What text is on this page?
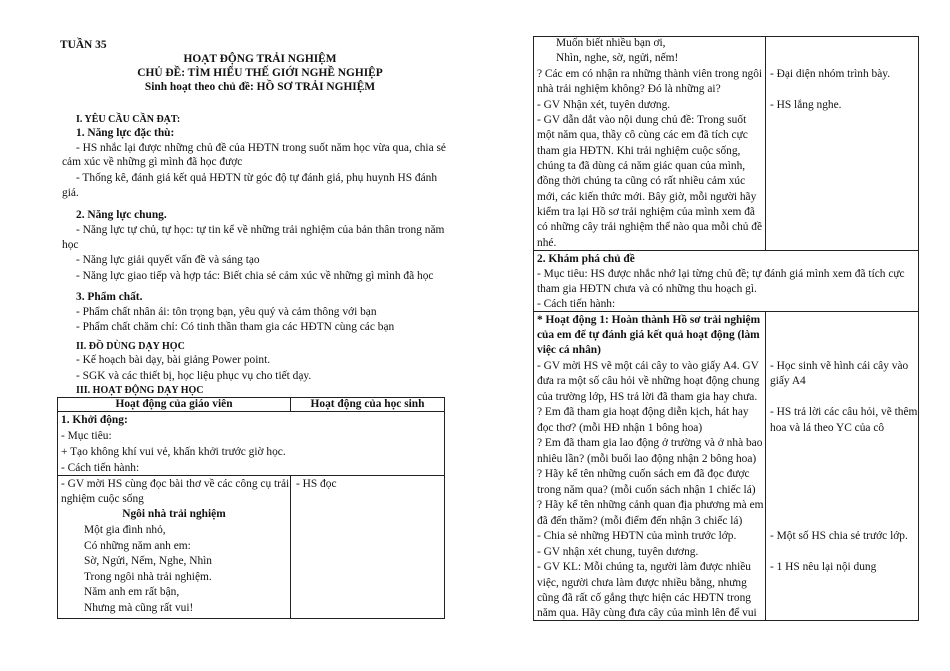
TUẦN 35
HOẠT ĐỘNG TRẢI NGHIỆM
CHỦ ĐỀ: TÌM HIỂU THẾ GIỚI NGHỀ NGHIỆP
Sinh hoạt theo chủ đề: HỒ SƠ TRẢI NGHIỆM
I. YÊU CẦU CẦN ĐẠT:
1. Năng lực đặc thù:
- HS nhắc lại được những chủ đề của HĐTN trong suốt năm học vừa qua, chia sẻ
cảm xúc về những gì mình đã học được
- Thống kê, đánh giá kết quả HĐTN từ góc độ tự đánh giá, phụ huynh HS đánh
giá.
2. Năng lực chung.
- Năng lực tự chủ, tự học: tự tin kể về những trải nghiệm của bản thân trong năm
học
- Năng lực giải quyết vấn đề và sáng tạo
- Năng lực giao tiếp và hợp tác: Biết chia sẻ cảm xúc về những gì mình đã học
3. Phẩm chất.
- Phẩm chất nhân ái: tôn trọng bạn, yêu quý và cảm thông với bạn
- Phẩm chất chăm chỉ: Có tinh thần tham gia các HĐTN cùng các bạn
II. ĐỒ DÙNG DẠY HỌC
- Kế hoạch bài dạy, bài giảng Power point.
- SGK và các thiết bị, học liệu phục vụ cho tiết dạy.
III. HOẠT ĐỘNG DẠY HỌC
Hoạt động của giáo viên	Hoạt động của học sinh
1. Khởi động:
- Mục tiêu:
+ Tạo không khí vui vẻ, khấn khởi trước giờ học.
- Cách tiến hành:
- GV mời HS cùng đọc bài thơ về các công cụ trải
nghiệm cuộc sống
- HS đọc
Ngôi nhà trải nghiệm
Một gia đình nhỏ,
Có những năm anh em:
Sờ, Ngửi, Nếm, Nghe, Nhìn
Trong ngôi nhà trải nghiệm.
Năm anh em rất bận,
Nhưng mà cũng rất vui!
Muốn biết nhiều bạn ơi,
Nhìn, nghe, sờ, ngửi, nếm!
? Các em có nhận ra những thành viên trong ngôi
nhà trải nghiệm không? Đó là những ai?
- GV Nhận xét, tuyên dương.
- GV dẫn dắt vào nội dung chủ đề: Trong suốt
một năm qua, thầy cô cùng các em đã tích cực
tham gia HĐTN. Khi trải nghiệm cuộc sống,
chúng ta đã dùng cả năm giác quan của mình,
đồng thời chúng ta cũng có rất nhiều cảm xúc
mới, các kiến thức mới. Bây giờ, mỗi người hãy
kiểm tra lại Hồ sơ trải nghiệm của mình xem đã
có những cây trải nghiệm thế nào qua mỗi chủ đề
nhé.
- Đại diện nhóm trình bày.
- HS lắng nghe.
2. Khám phá chủ đề
- Mục tiêu: HS được nhắc nhớ lại từng chủ đề; tự đánh giá mình xem đã tích cực
tham gia HĐTN chưa và có những thu hoạch gì.
- Cách tiến hành:
* Hoạt động 1: Hoàn thành Hồ sơ trải nghiệm
của em để tự đánh giá kết quả hoạt động (làm
việc cá nhân)
- GV mời HS vẽ một cái cây to vào giấy A4. GV
đưa ra một số câu hỏi về những hoạt động chung
của trường lớp, HS trả lời đã tham gia hay chưa.
? Em đã tham gia hoạt động diễn kịch, hát hay
đọc thơ? (mỗi HĐ nhận 1 bông hoa)
? Em đã tham gia lao động ở trường và ở nhà bao
nhiêu lần? (mỗi buổi lao động nhận 2 bông hoa)
? Hãy kể tên những cuốn sách em đã đọc được
trong năm qua? (mỗi cuốn sách nhận 1 chiếc lá)
? Hãy kể tên những cảnh quan địa phương mà em
đã đến thăm? (mỗi điểm đến nhận 3 chiếc lá)
- Chia sẻ những HĐTN của mình trước lớp.
- GV nhận xét chung, tuyên dương.
- GV KL: Mỗi chúng ta, người làm được nhiều
việc, người chưa làm được nhiều bằng, nhưng
cũng đã rất cố gắng thực hiện các HĐTN trong
năm qua. Hãy cùng đưa cây của mình lên để vui
- Học sinh vẽ hình cái cây vào
giấy A4
- HS trả lời các câu hỏi, vẽ thêm
hoa và lá theo YC của cô
- Một số HS chia sẻ trước lớp.
- 1 HS nêu lại nội dung
